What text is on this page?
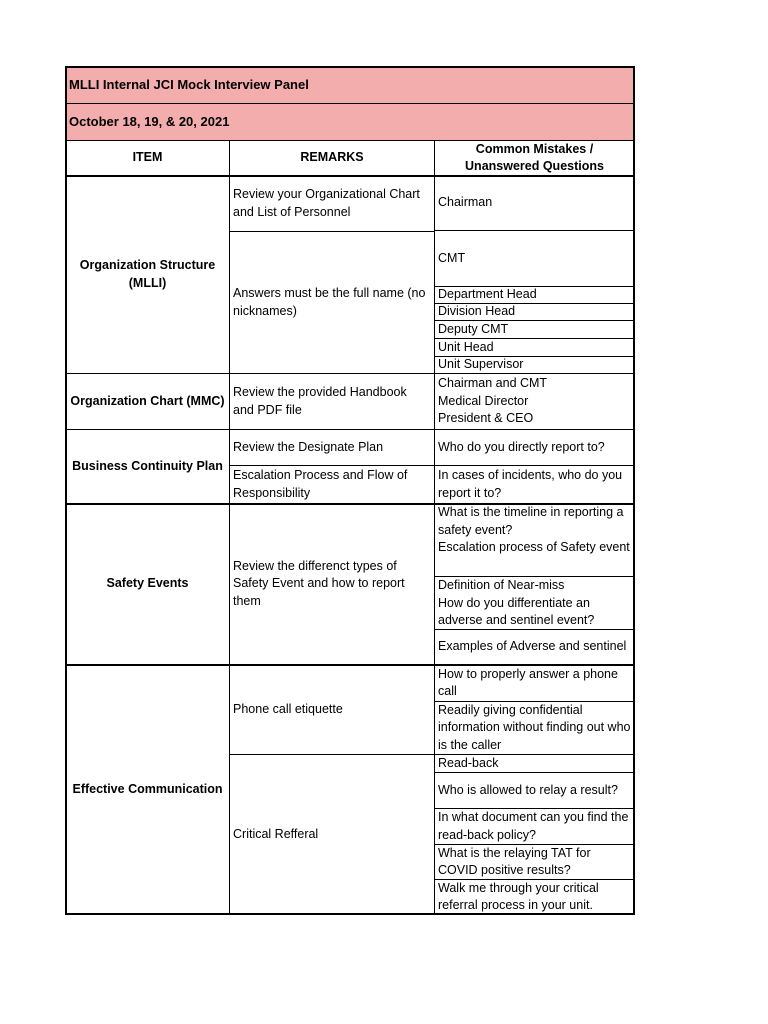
MLLI Internal JCI Mock Interview Panel
October 18, 19, & 20, 2021
ITEM	REMARKS
Common Mistakes / Unanswered Questions
Organization Structure (MLLI)
Review your Organizational Chart and List of Personnel
Answers must be the full name (no nicknames)
Chairman
CMT
Department Head
Division Head
Deputy CMT
Unit Head
Unit Supervisor
Organization Chart (MMC)
Review the provided Handbook and PDF file
Chairman and CMT
Medical Director
President & CEO
Business Continuity Plan
Review the Designate Plan
Escalation Process and Flow of Responsibility
Who do you directly report to?
In cases of incidents, who do you report it to?
Safety Events
Review the differenct types of Safety Event and how to report them
What is the timeline in reporting a safety event?
Escalation process of Safety event
Definition of Near-miss
How do you differentiate an adverse and sentinel event?
Examples of Adverse and sentinel
Effective Communication
Phone call etiquette
Critical Refferal
How to properly answer a phone call
Readily giving confidential information without finding out who is the caller
Read-back
Who is allowed to relay a result?
In what document can you find the read-back policy?
What is the relaying TAT for COVID positive results?
Walk me through your critical referral process in your unit.
